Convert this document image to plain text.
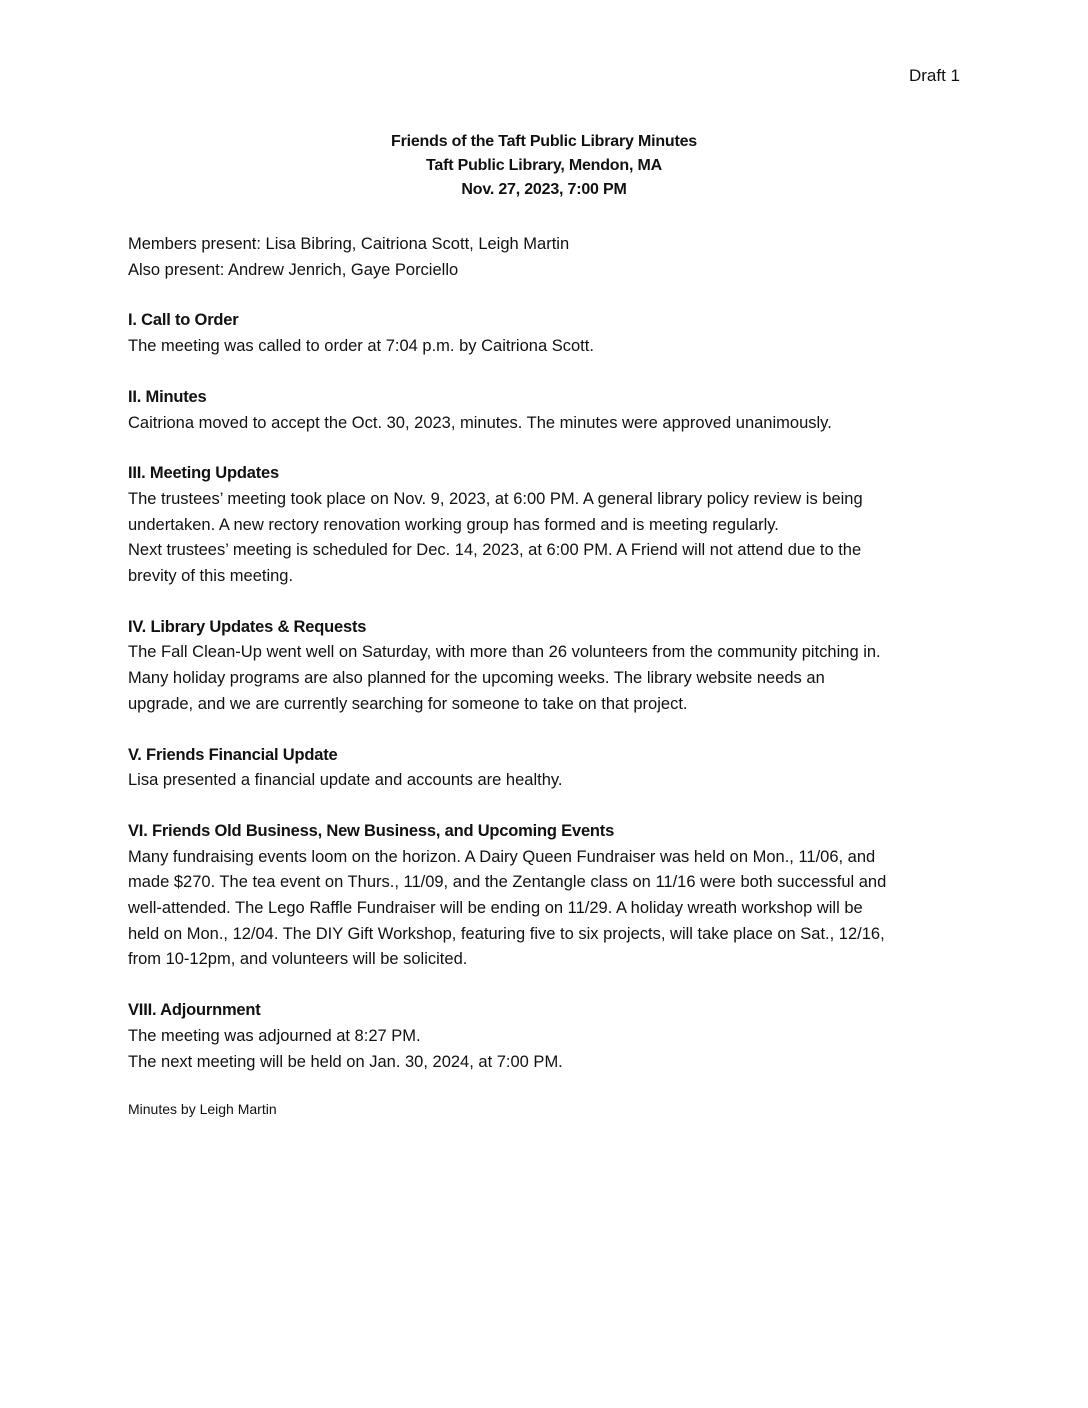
Draft 1
Friends of the Taft Public Library Minutes
Taft Public Library, Mendon, MA
Nov. 27, 2023, 7:00 PM

Members present: Lisa Bibring, Caitriona Scott, Leigh Martin

Also present: Andrew Jenrich, Gaye Porciello

I. Call to Order

The meeting was called to order at 7:04 p.m. by Caitriona Scott.

II. Minutes

Caitriona moved to accept the Oct. 30, 2023, minutes. The minutes were approved unanimously.

III. Meeting Updates

The trustees’ meeting took place on Nov. 9, 2023, at 6:00 PM. A general library policy review is being

undertaken. A new rectory renovation working group has formed and is meeting regularly.

Next trustees’ meeting is scheduled for Dec. 14, 2023, at 6:00 PM. A Friend will not attend due to the

brevity of this meeting.

IV. Library Updates & Requests

The Fall Clean-Up went well on Saturday, with more than 26 volunteers from the community pitching in.

Many holiday programs are also planned for the upcoming weeks. The library website needs an

upgrade, and we are currently searching for someone to take on that project.

V. Friends Financial Update

Lisa presented a financial update and accounts are healthy.

VI. Friends Old Business, New Business, and Upcoming Events

Many fundraising events loom on the horizon. A Dairy Queen Fundraiser was held on Mon., 11/06, and

made $270. The tea event on Thurs., 11/09, and the Zentangle class on 11/16 were both successful and

well-attended. The Lego Raffle Fundraiser will be ending on 11/29. A holiday wreath workshop will be

held on Mon., 12/04. The DIY Gift Workshop, featuring five to six projects, will take place on Sat., 12/16,

from 10-12pm, and volunteers will be solicited.

VIII. Adjournment

The meeting was adjourned at 8:27 PM.

The next meeting will be held on Jan. 30, 2024, at 7:00 PM.

Minutes by Leigh Martin
